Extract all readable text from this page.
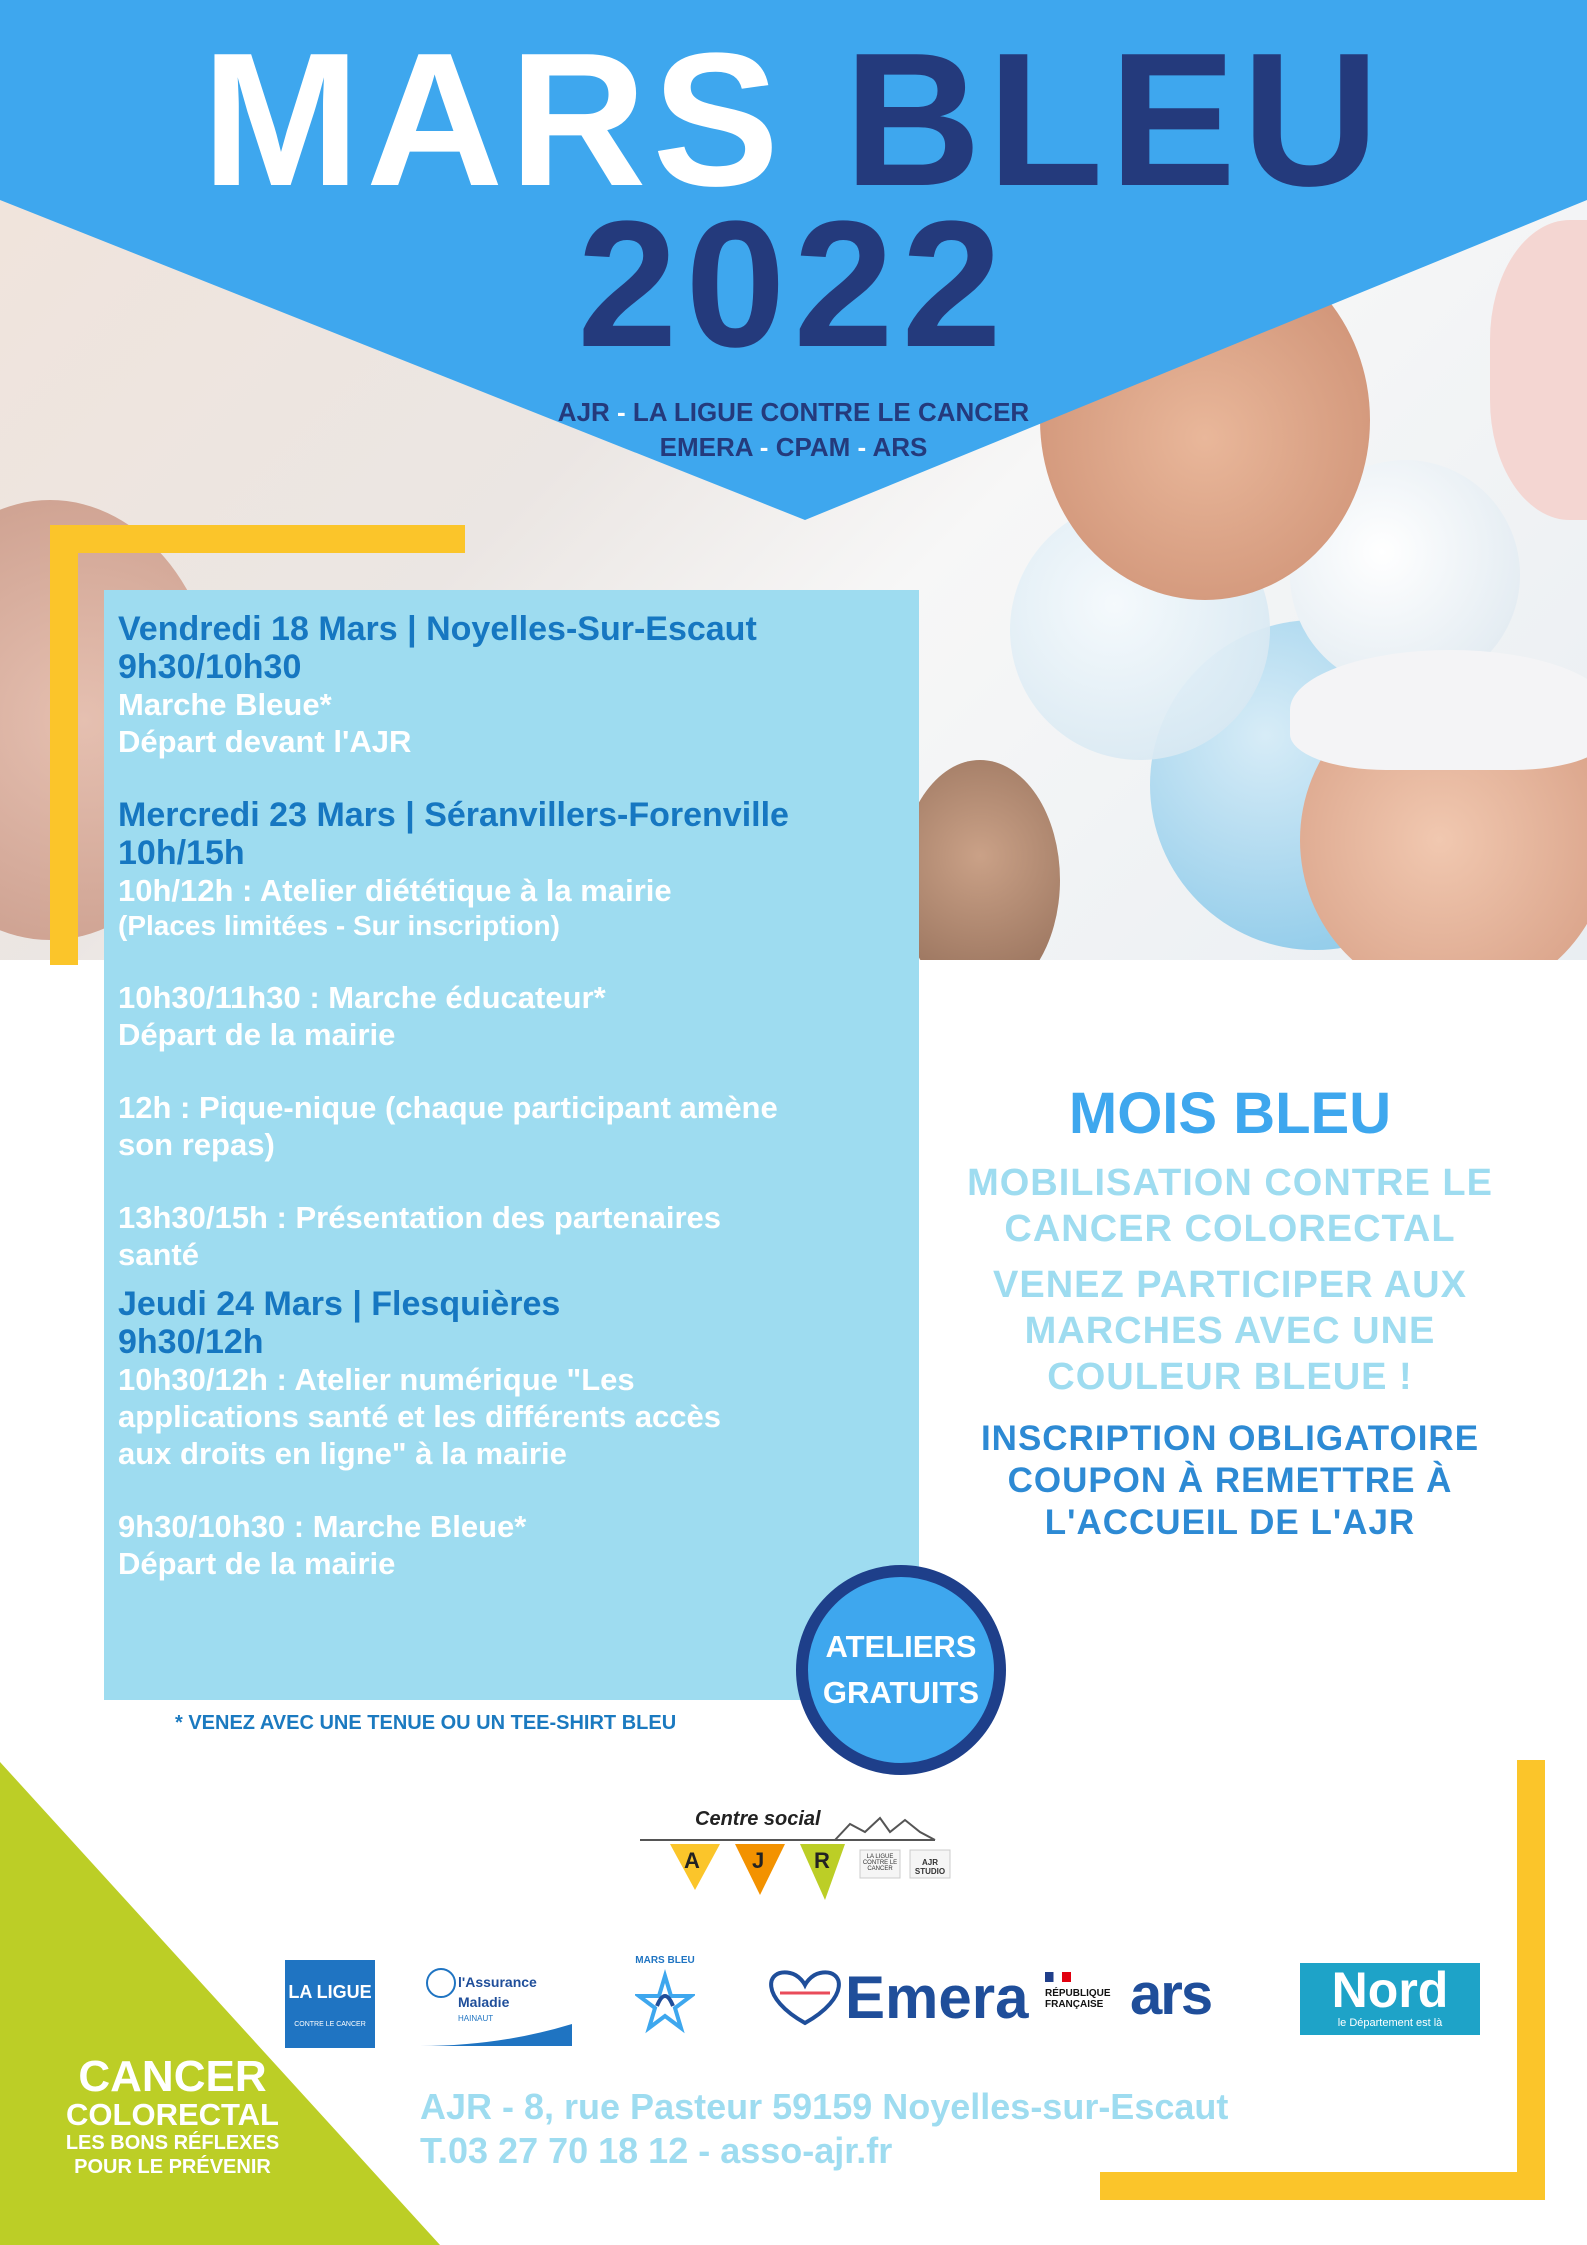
MARS BLEU
2022
AJR - LA LIGUE CONTRE LE CANCER
EMERA - CPAM - ARS
Vendredi 18 Mars | Noyelles-Sur-Escaut
9h30/10h30
Marche Bleue*
Départ devant l'AJR
Mercredi 23 Mars | Séranvillers-Forenville
10h/15h
10h/12h : Atelier diététique à la mairie
(Places limitées - Sur inscription)
10h30/11h30 : Marche éducateur*
Départ de la mairie
12h : Pique-nique (chaque participant amène
son repas)
13h30/15h : Présentation des partenaires
santé
Jeudi 24 Mars | Flesquières
9h30/12h
10h30/12h : Atelier numérique "Les
applications santé et les différents accès
aux droits en ligne" à la mairie
9h30/10h30 : Marche Bleue*
Départ de la mairie
* VENEZ AVEC UNE TENUE OU UN TEE-SHIRT BLEU
ATELIERS
GRATUITS
MOIS BLEU
MOBILISATION CONTRE LE
CANCER COLORECTAL
VENEZ PARTICIPER AUX
MARCHES AVEC UNE
COULEUR BLEUE !
INSCRIPTION OBLIGATOIRE
COUPON À REMETTRE À
L'ACCUEIL DE L'AJR
Centre social
A J R	LA LIGUE CONTRE LE CANCER
AJR STUDIO
LA LIGUE
CONTRE LE CANCER
l'Assurance
Maladie
HAINAUT
MARS BLEU
Emera RÉPUBLIQUE
FRANÇAISE ars	Nord
le Département est là
CANCER
COLORECTAL
LES BONS RÉFLEXES
POUR LE PRÉVENIR
AJR - 8, rue Pasteur 59159 Noyelles-sur-Escaut
T.03 27 70 18 12 - asso-ajr.fr
